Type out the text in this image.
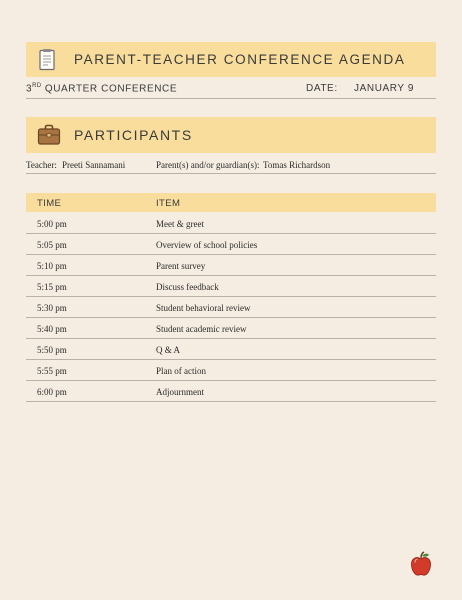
PARENT-TEACHER CONFERENCE AGENDA
3RD QUARTER CONFERENCE	DATE: JANUARY 9
PARTICIPANTS
Teacher: Preeti Sannamani	Parent(s) and/or guardian(s): Tomas Richardson
TIME	ITEM
5:00 pm	Meet & greet
5:05 pm	Overview of school policies
5:10 pm	Parent survey
5:15 pm	Discuss feedback
5:30 pm	Student behavioral review
5:40 pm	Student academic review
5:50 pm	Q & A
5:55 pm	Plan of action
6:00 pm	Adjournment
